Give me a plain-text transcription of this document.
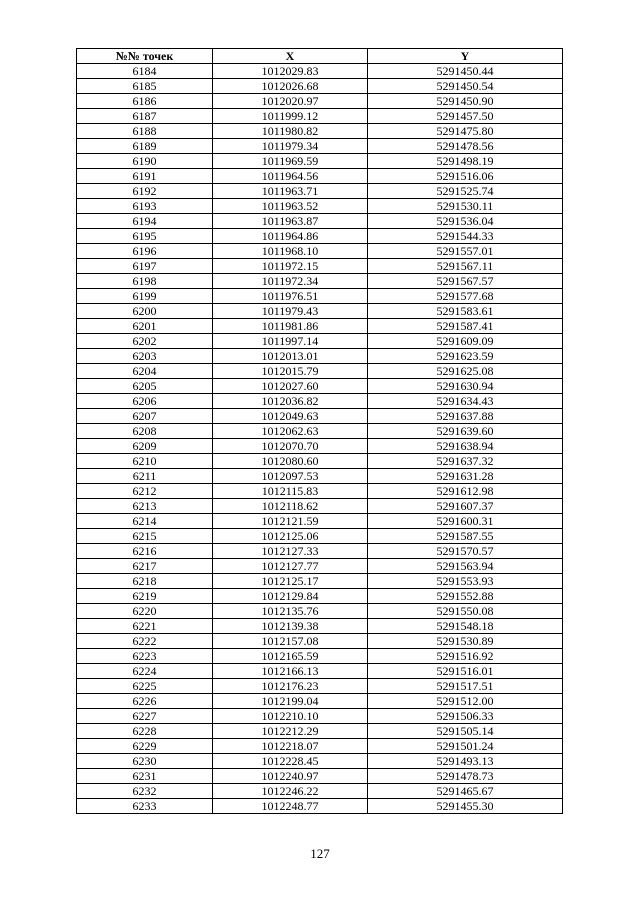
№№ точек	X	Y
6184	1012029.83	5291450.44
6185	1012026.68	5291450.54
6186	1012020.97	5291450.90
6187	1011999.12	5291457.50
6188	1011980.82	5291475.80
6189	1011979.34	5291478.56
6190	1011969.59	5291498.19
6191	1011964.56	5291516.06
6192	1011963.71	5291525.74
6193	1011963.52	5291530.11
6194	1011963.87	5291536.04
6195	1011964.86	5291544.33
6196	1011968.10	5291557.01
6197	1011972.15	5291567.11
6198	1011972.34	5291567.57
6199	1011976.51	5291577.68
6200	1011979.43	5291583.61
6201	1011981.86	5291587.41
6202	1011997.14	5291609.09
6203	1012013.01	5291623.59
6204	1012015.79	5291625.08
6205	1012027.60	5291630.94
6206	1012036.82	5291634.43
6207	1012049.63	5291637.88
6208	1012062.63	5291639.60
6209	1012070.70	5291638.94
6210	1012080.60	5291637.32
6211	1012097.53	5291631.28
6212	1012115.83	5291612.98
6213	1012118.62	5291607.37
6214	1012121.59	5291600.31
6215	1012125.06	5291587.55
6216	1012127.33	5291570.57
6217	1012127.77	5291563.94
6218	1012125.17	5291553.93
6219	1012129.84	5291552.88
6220	1012135.76	5291550.08
6221	1012139.38	5291548.18
6222	1012157.08	5291530.89
6223	1012165.59	5291516.92
6224	1012166.13	5291516.01
6225	1012176.23	5291517.51
6226	1012199.04	5291512.00
6227	1012210.10	5291506.33
6228	1012212.29	5291505.14
6229	1012218.07	5291501.24
6230	1012228.45	5291493.13
6231	1012240.97	5291478.73
6232	1012246.22	5291465.67
6233	1012248.77	5291455.30
127
